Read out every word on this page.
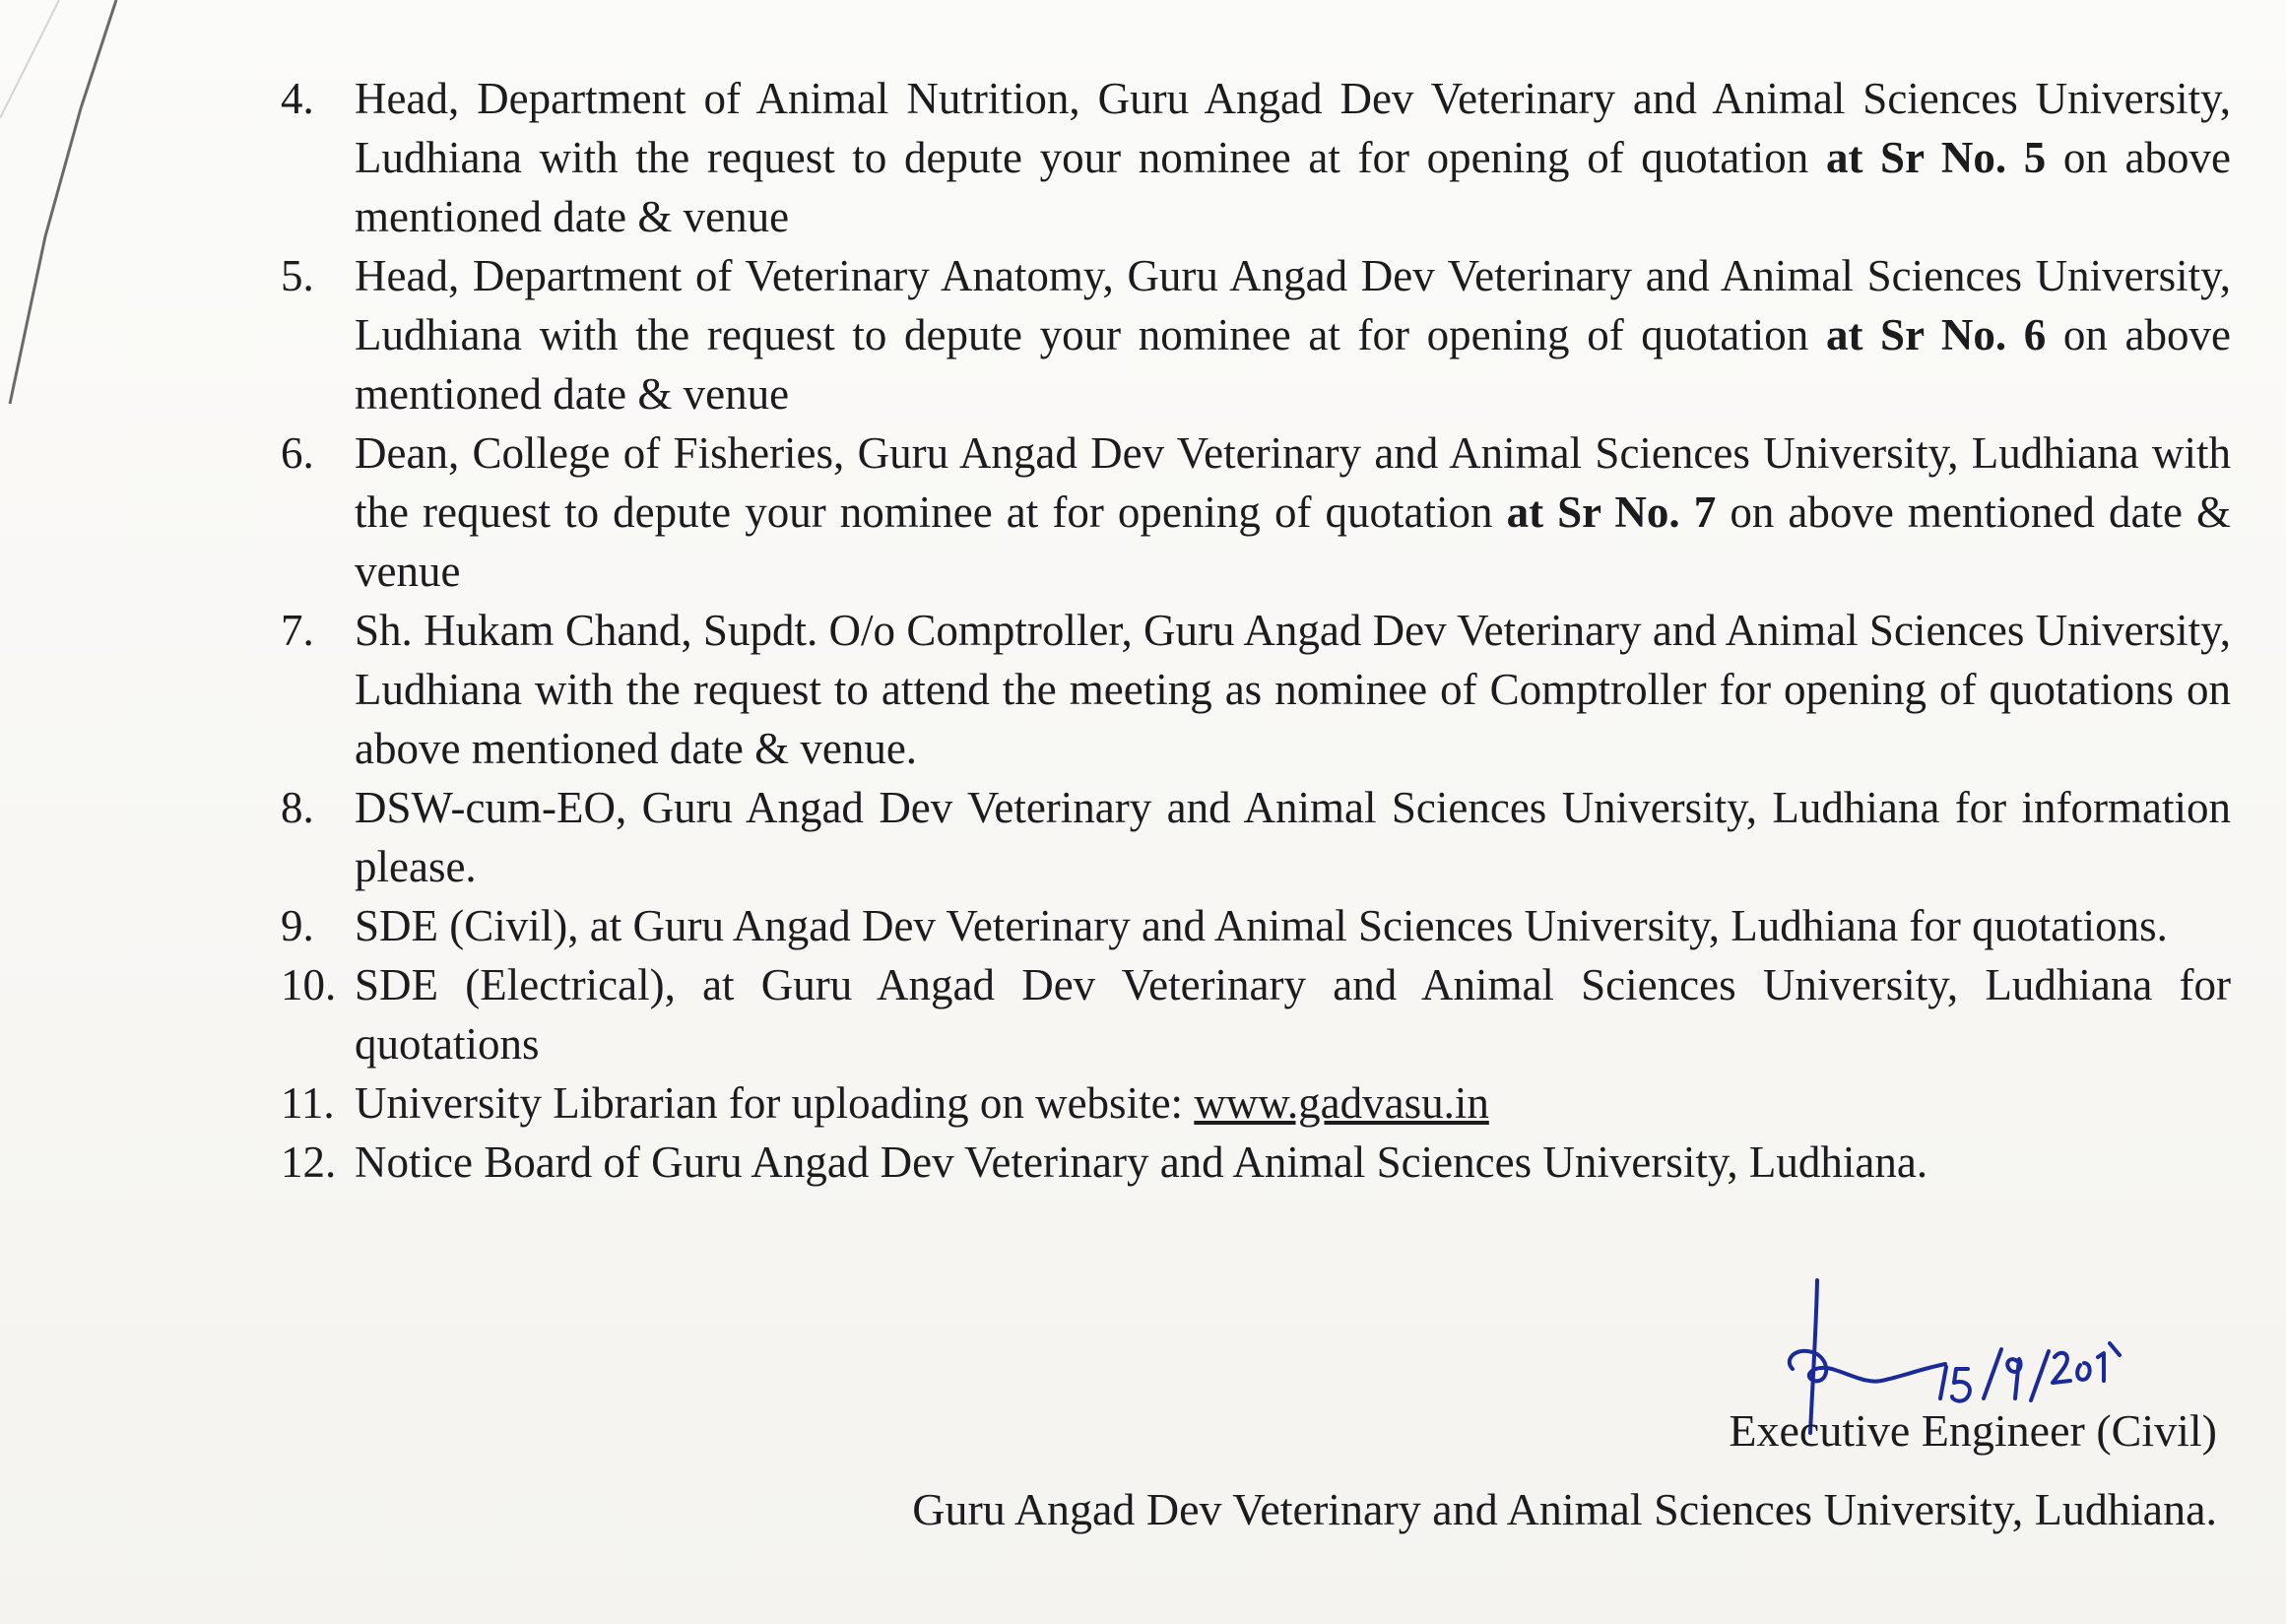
4. Head, Department of Animal Nutrition, Guru Angad Dev Veterinary and Animal Sciences University, Ludhiana with the request to depute your nominee at for opening of quotation at Sr No. 5 on above mentioned date & venue
5. Head, Department of Veterinary Anatomy, Guru Angad Dev Veterinary and Animal Sciences University, Ludhiana with the request to depute your nominee at for opening of quotation at Sr No. 6 on above mentioned date & venue
6. Dean, College of Fisheries, Guru Angad Dev Veterinary and Animal Sciences University, Ludhiana with the request to depute your nominee at for opening of quotation at Sr No. 7 on above mentioned date & venue
7. Sh. Hukam Chand, Supdt. O/o Comptroller, Guru Angad Dev Veterinary and Animal Sciences University, Ludhiana with the request to attend the meeting as nominee of Comptroller for opening of quotations on above mentioned date & venue.
8. DSW-cum-EO, Guru Angad Dev Veterinary and Animal Sciences University, Ludhiana for information please.
9. SDE (Civil), at Guru Angad Dev Veterinary and Animal Sciences University, Ludhiana for quotations.
10. SDE (Electrical), at Guru Angad Dev Veterinary and Animal Sciences University, Ludhiana for quotations
11. University Librarian for uploading on website: www.gadvasu.in
12. Notice Board of Guru Angad Dev Veterinary and Animal Sciences University, Ludhiana.
Executive Engineer (Civil)
Guru Angad Dev Veterinary and Animal Sciences University, Ludhiana.
